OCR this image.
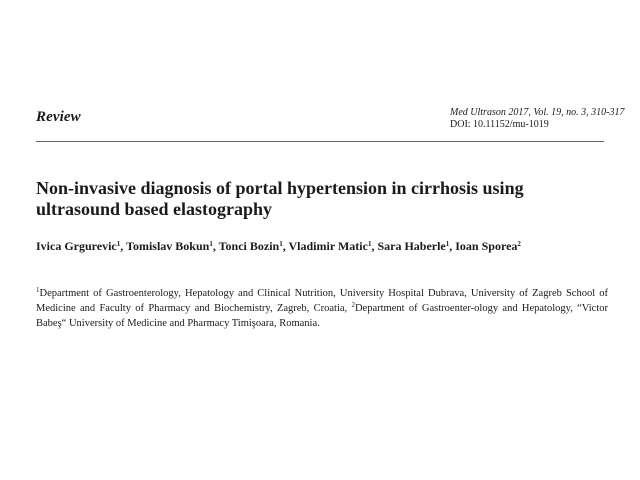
Review	Med Ultrason 2017, Vol. 19, no. 3, 310-317
DOI: 10.11152/mu-1019
Non-invasive diagnosis of portal hypertension in cirrhosis using
ultrasound based elastography

Ivica Grgurevic$^1$, Tomislav Bokun$^1$, Tonci Bozin$^1$, Vladimir Matic$^1$, Sara Haberle$^1$, Ioan Sporea$^2$

$^1$Department of Gastroenterology, Hepatology and Clinical Nutrition, University Hospital Dubrava, University of Zagreb School of Medicine and Faculty of Pharmacy and Biochemistry, Zagreb, Croatia, $^2$Department of Gastroenter-ology and Hepatology, “Victor Babeş“ University of Medicine and Pharmacy Timişoara, Romania.
